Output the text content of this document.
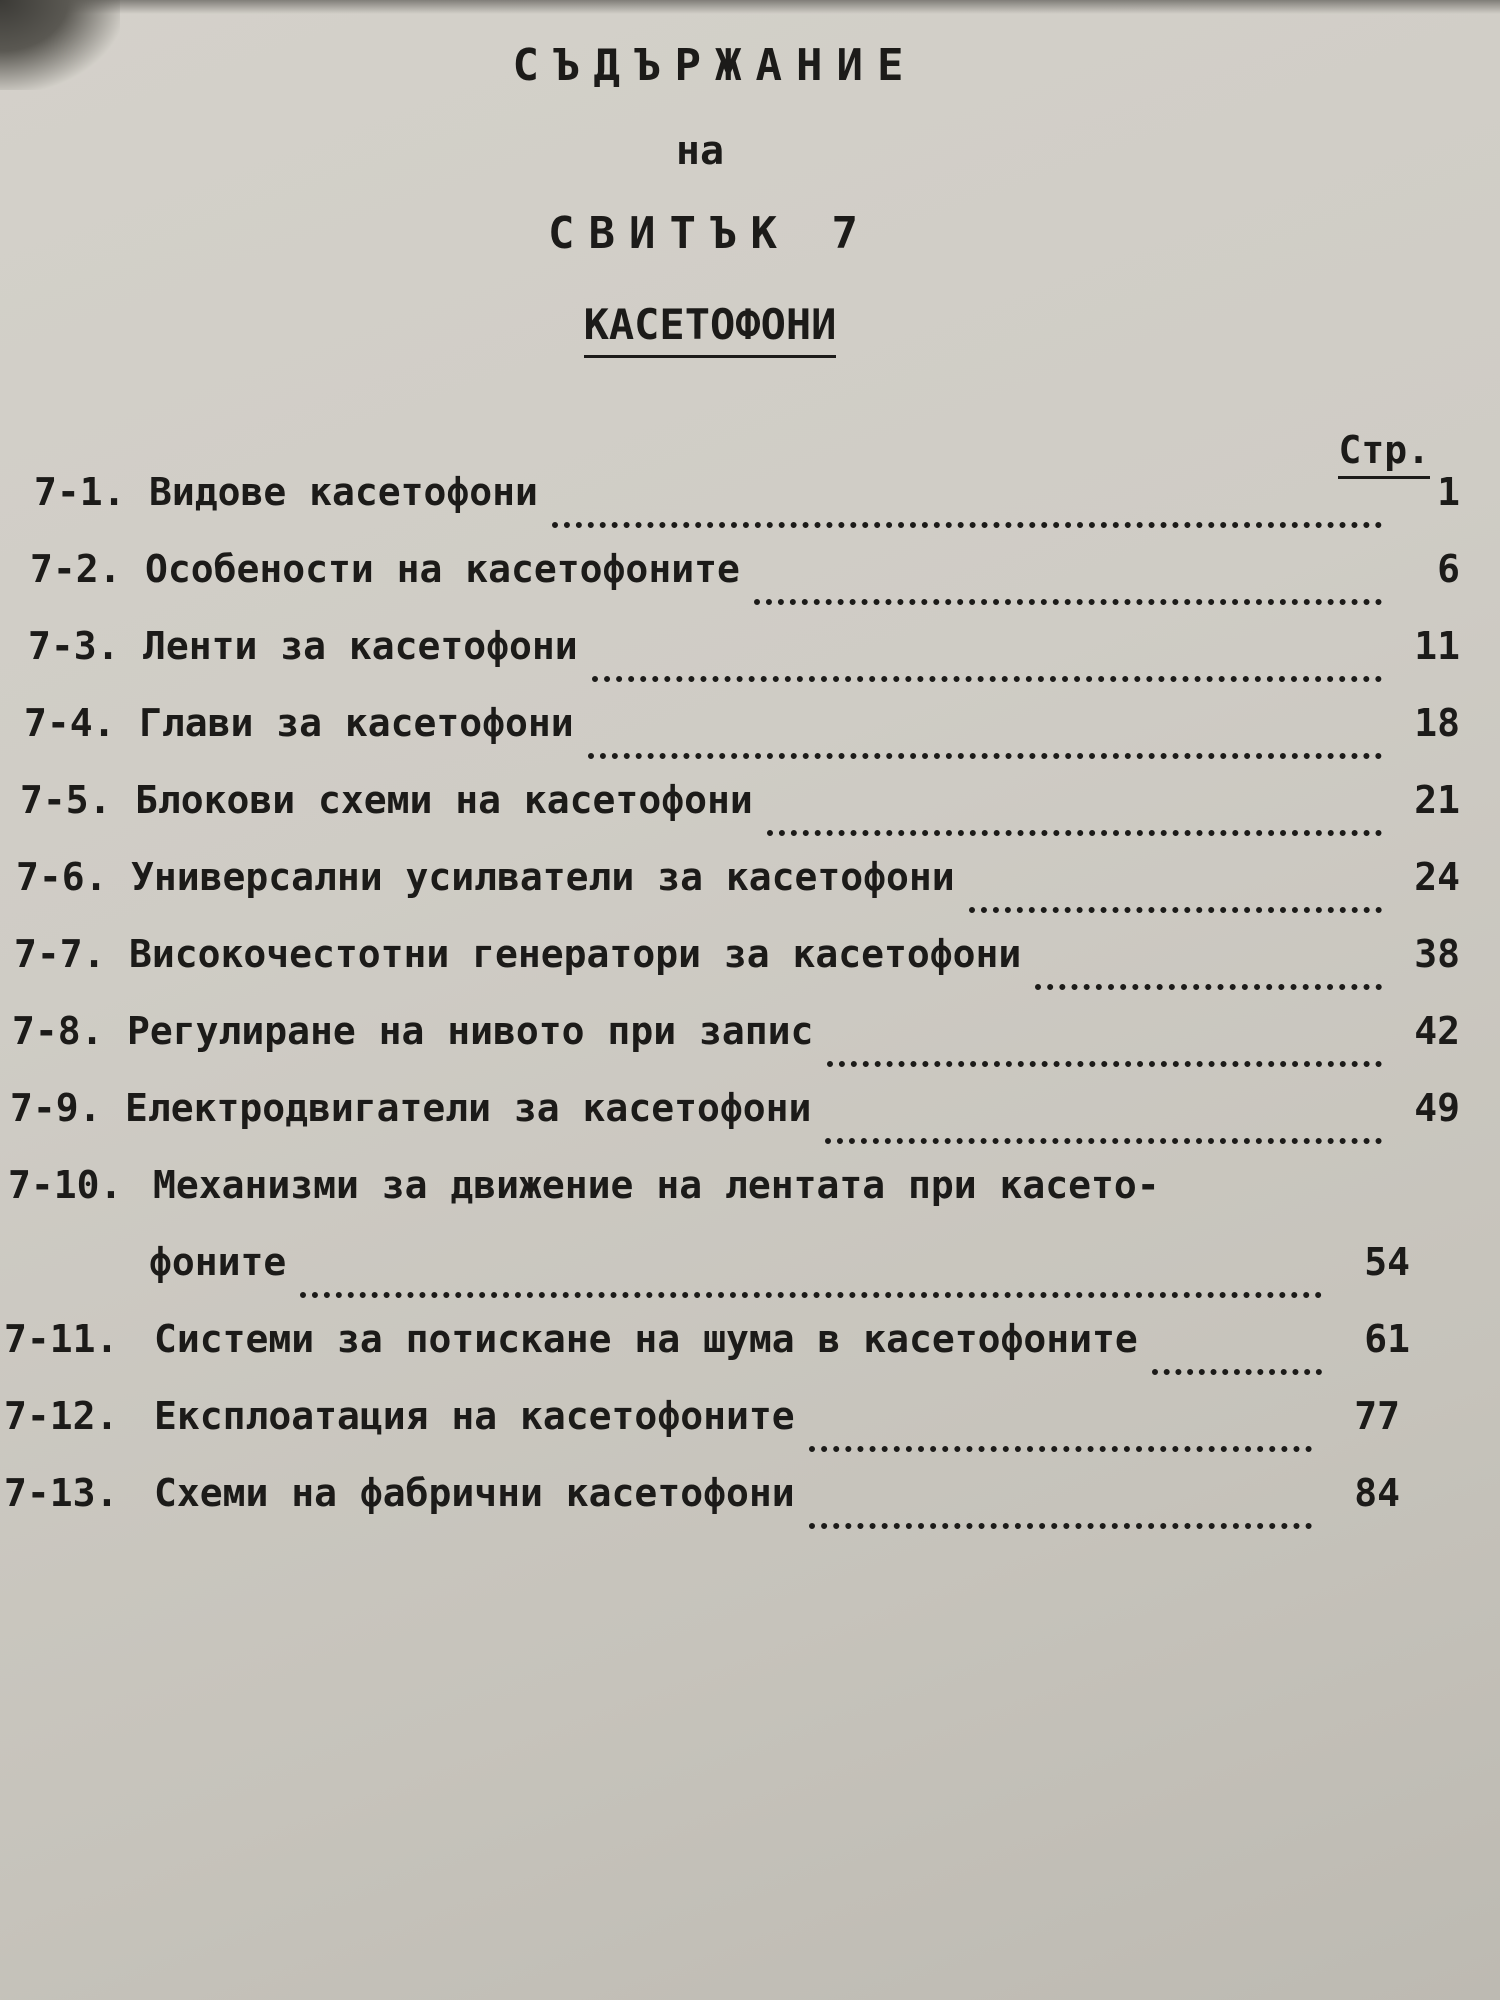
СЪДЪРЖАНИЕ
на
СВИТЪК 7
КАСЕТОФОНИ
Стр.
7-1. Видове касетофони	1
7-2. Особености на касетофоните	6
7-3. Ленти за касетофони	11
7-4. Глави за касетофони	18
7-5. Блокови схеми на касетофони	21
7-6. Универсални усилватели за касетофони	24
7-7. Високочестотни генератори за касетофони	38
7-8. Регулиране на нивото при запис	42
7-9. Електродвигатели за касетофони	49
7-10. Механизми за движение на лентата при касето-
фоните	54
7-11. Системи за потискане на шума в касетофоните	61
7-12. Експлоатация на касетофоните	77
7-13. Схеми на фабрични касетофони	84
